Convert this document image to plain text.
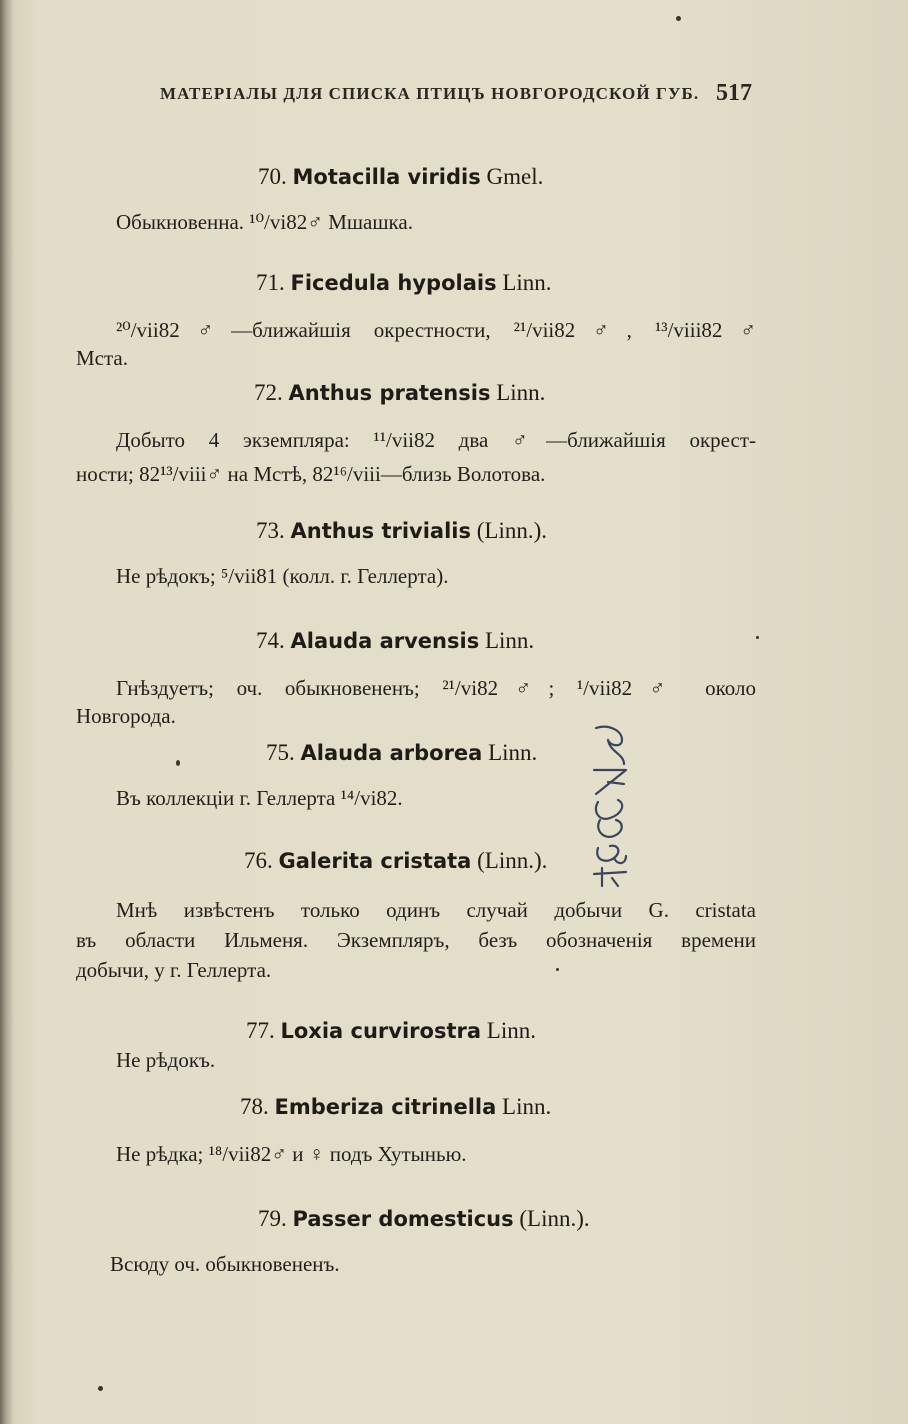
МАТЕРІАЛЫ ДЛЯ СПИСКА ПТИЦЪ НОВГОРОДСКОЙ ГУБ. 517
70. Motacilla viridis Gmel.
Обыкновенна. ¹⁰/vi82♂ Мшашка.
71. Ficedula hypolais Linn.
²⁰/vii82♂—ближайшія окрестности, ²¹/vii82♂, ¹³/viii82♂
Мста.
72. Anthus pratensis Linn.
Добыто 4 экземпляра: ¹¹/vii82 два ♂—ближайшія окрест-
ности; 82¹³/viii♂ на Мстѣ, 82¹⁶/viii—близь Волотова.
73. Anthus trivialis (Linn.).
Не рѣдокъ; ⁵/vii81 (колл. г. Геллерта).
74. Alauda arvensis Linn.
Гнѣздуетъ; оч. обыкновененъ; ²¹/vi82♂; ¹/vii82♂ около
Новгорода.
75. Alauda arborea Linn.
Въ коллекціи г. Геллерта ¹⁴/vi82.
76. Galerita cristata (Linn.).
Мнѣ извѣстенъ только одинъ случай добычи G. cristata
въ области Ильменя. Экземпляръ, безъ обозначенія времени
добычи, у г. Геллерта.
77. Loxia curvirostra Linn.
Не рѣдокъ.
78. Emberiza citrinella Linn.
Не рѣдка; ¹⁸/vii82♂ и ♀ подъ Хутынью.
79. Passer domesticus (Linn.).
Всюду оч. обыкновененъ.
